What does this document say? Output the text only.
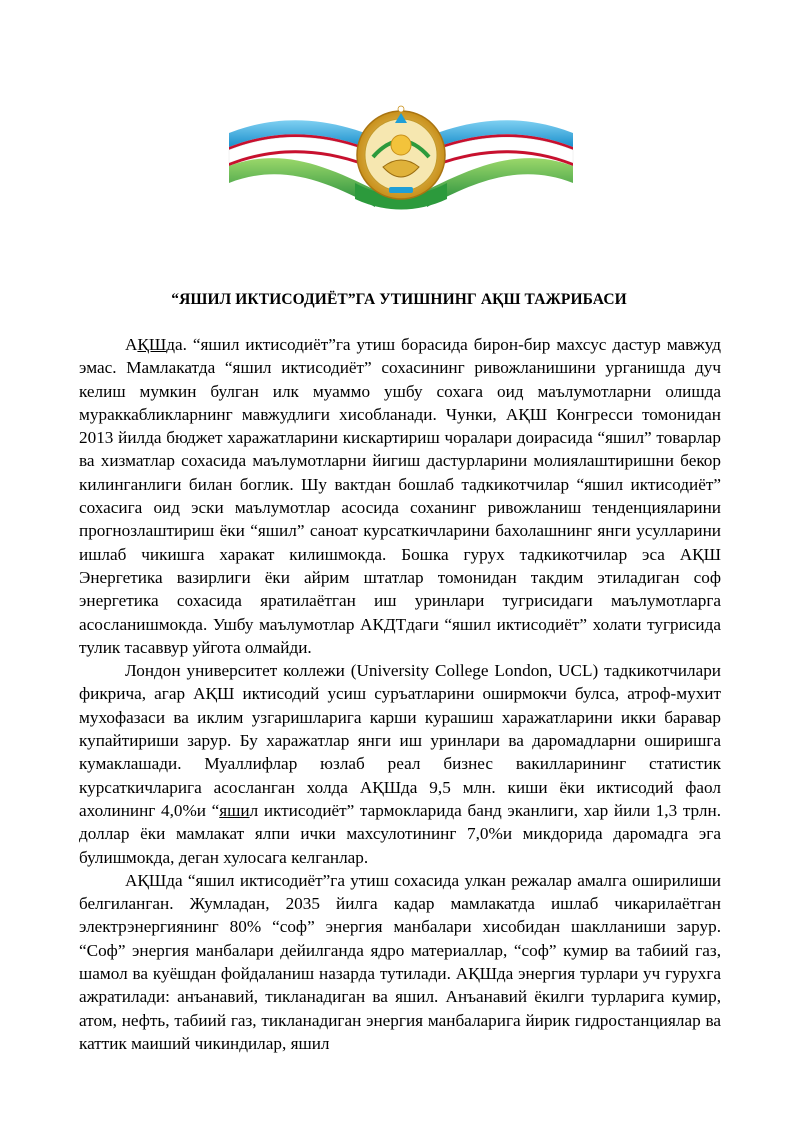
“ЯШИЛ ИКТИСОДИЁТ”ГА УТИШНИНГ АҚШ ТАЖРИБАСИ

АҚШда. “яшил иктисодиёт”га утиш борасида бирон-бир махсус дастур мавжуд эмас. Мамлакатда “яшил иктисодиёт” сохасининг ривожланишини урганишда дуч келиш мумкин булган илк муаммо ушбу сохага оид маълумотларни олишда мураккабликларнинг мавжудлиги хисобланади. Чунки, АҚШ Конгресси томонидан 2013 йилда бюджет харажатларини кискартириш чоралари доирасида “яшил” товарлар ва хизматлар сохасида маълумотларни йигиш дастурларини молиялаштиришни бекор килинганлиги билан боглик. Шу вактдан бошлаб тадкикотчилар “яшил иктисодиёт” сохасига оид эски маълумотлар асосида соханинг ривожланиш тенденцияларини прогнозлаштириш ёки “яшил” саноат курсаткичларини бахолашнинг янги усулларини ишлаб чикишга харакат килишмокда. Бошка гурух тадкикотчилар эса АҚШ Энергетика вазирлиги ёки айрим штатлар томонидан такдим этиладиган соф энергетика сохасида яратилаётган иш уринлари тугрисидаги маълумотларга асосланишмокда. Ушбу маълумотлар АКДТдаги “яшил иктисодиёт” холати тугрисида тулик тасаввур уйгота олмайди.

Лондон университет коллежи (University College London, UCL) тадкикотчилари фикрича, агар АҚШ иктисодий усиш суръатларини оширмокчи булса, атроф-мухит мухофазаси ва иклим узгаришларига карши курашиш харажатларини икки баравар купайтириши зарур. Бу харажатлар янги иш уринлари ва даромадларни оширишга кумаклашади. Муаллифлар юзлаб реал бизнес вакилларининг статистик курсаткичларига асосланган холда АҚШда 9,5 млн. киши ёки иктисодий фаол ахолининг 4,0%и “яшил иктисодиёт” тармокларида банд эканлиги, хар йили 1,3 трлн. доллар ёки мамлакат ялпи ички махсулотининг 7,0%и микдорида даромадга эга булишмокда, деган хулосага келганлар.

АҚШда “яшил иктисодиёт”га утиш сохасида улкан режалар амалга оширилиши белгиланган. Жумладан, 2035 йилга кадар мамлакатда ишлаб чикарилаётган электрэнергиянинг 80% “соф” энергия манбалари хисобидан шаклланиши зарур. “Соф” энергия манбалари дейилганда ядро материаллар, “соф” кумир ва табиий газ, шамол ва куёшдан фойдаланиш назарда тутилади. АҚШда энергия турлари уч гурухга ажратилади: анъанавий, тикланадиган ва яшил. Анъанавий ёкилги турларига кумир, атом, нефть, табиий газ, тикланадиган энергия манбаларига йирик гидростанциялар ва каттик маиший чикиндилар, яшил
